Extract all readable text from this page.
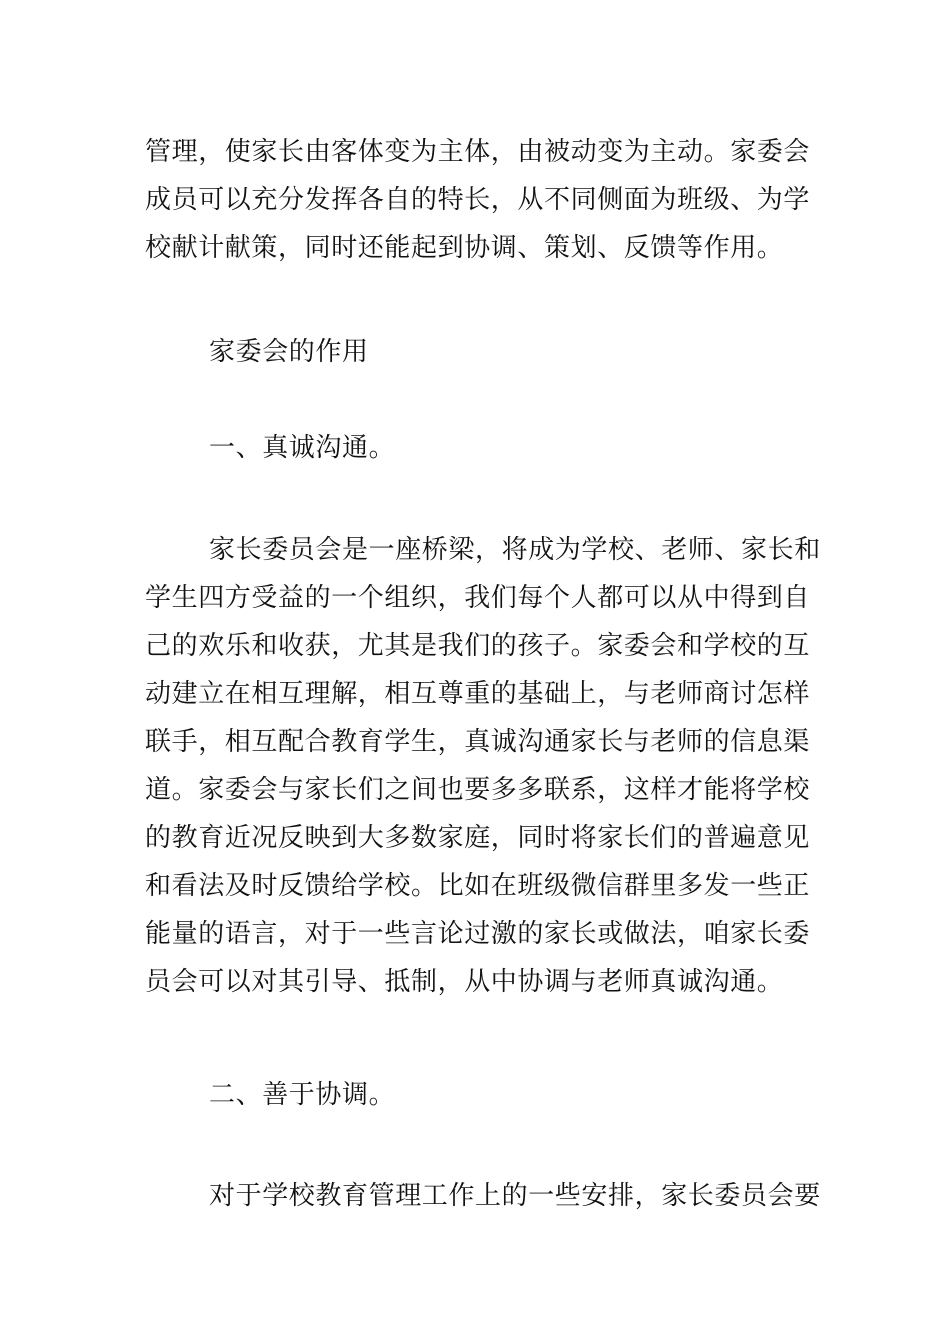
管理，使家长由客体变为主体，由被动变为主动。家委会
成员可以充分发挥各自的特长，从不同侧面为班级、为学
校献计献策，同时还能起到协调、策划、反馈等作用。
家委会的作用
一、真诚沟通。
家长委员会是一座桥梁，将成为学校、老师、家长和
学生四方受益的一个组织，我们每个人都可以从中得到自
己的欢乐和收获，尤其是我们的孩子。家委会和学校的互
动建立在相互理解，相互尊重的基础上，与老师商讨怎样
联手，相互配合教育学生，真诚沟通家长与老师的信息渠
道。家委会与家长们之间也要多多联系，这样才能将学校
的教育近况反映到大多数家庭，同时将家长们的普遍意见
和看法及时反馈给学校。比如在班级微信群里多发一些正
能量的语言，对于一些言论过激的家长或做法，咱家长委
员会可以对其引导、抵制，从中协调与老师真诚沟通。
二、善于协调。
对于学校教育管理工作上的一些安排，家长委员会要
